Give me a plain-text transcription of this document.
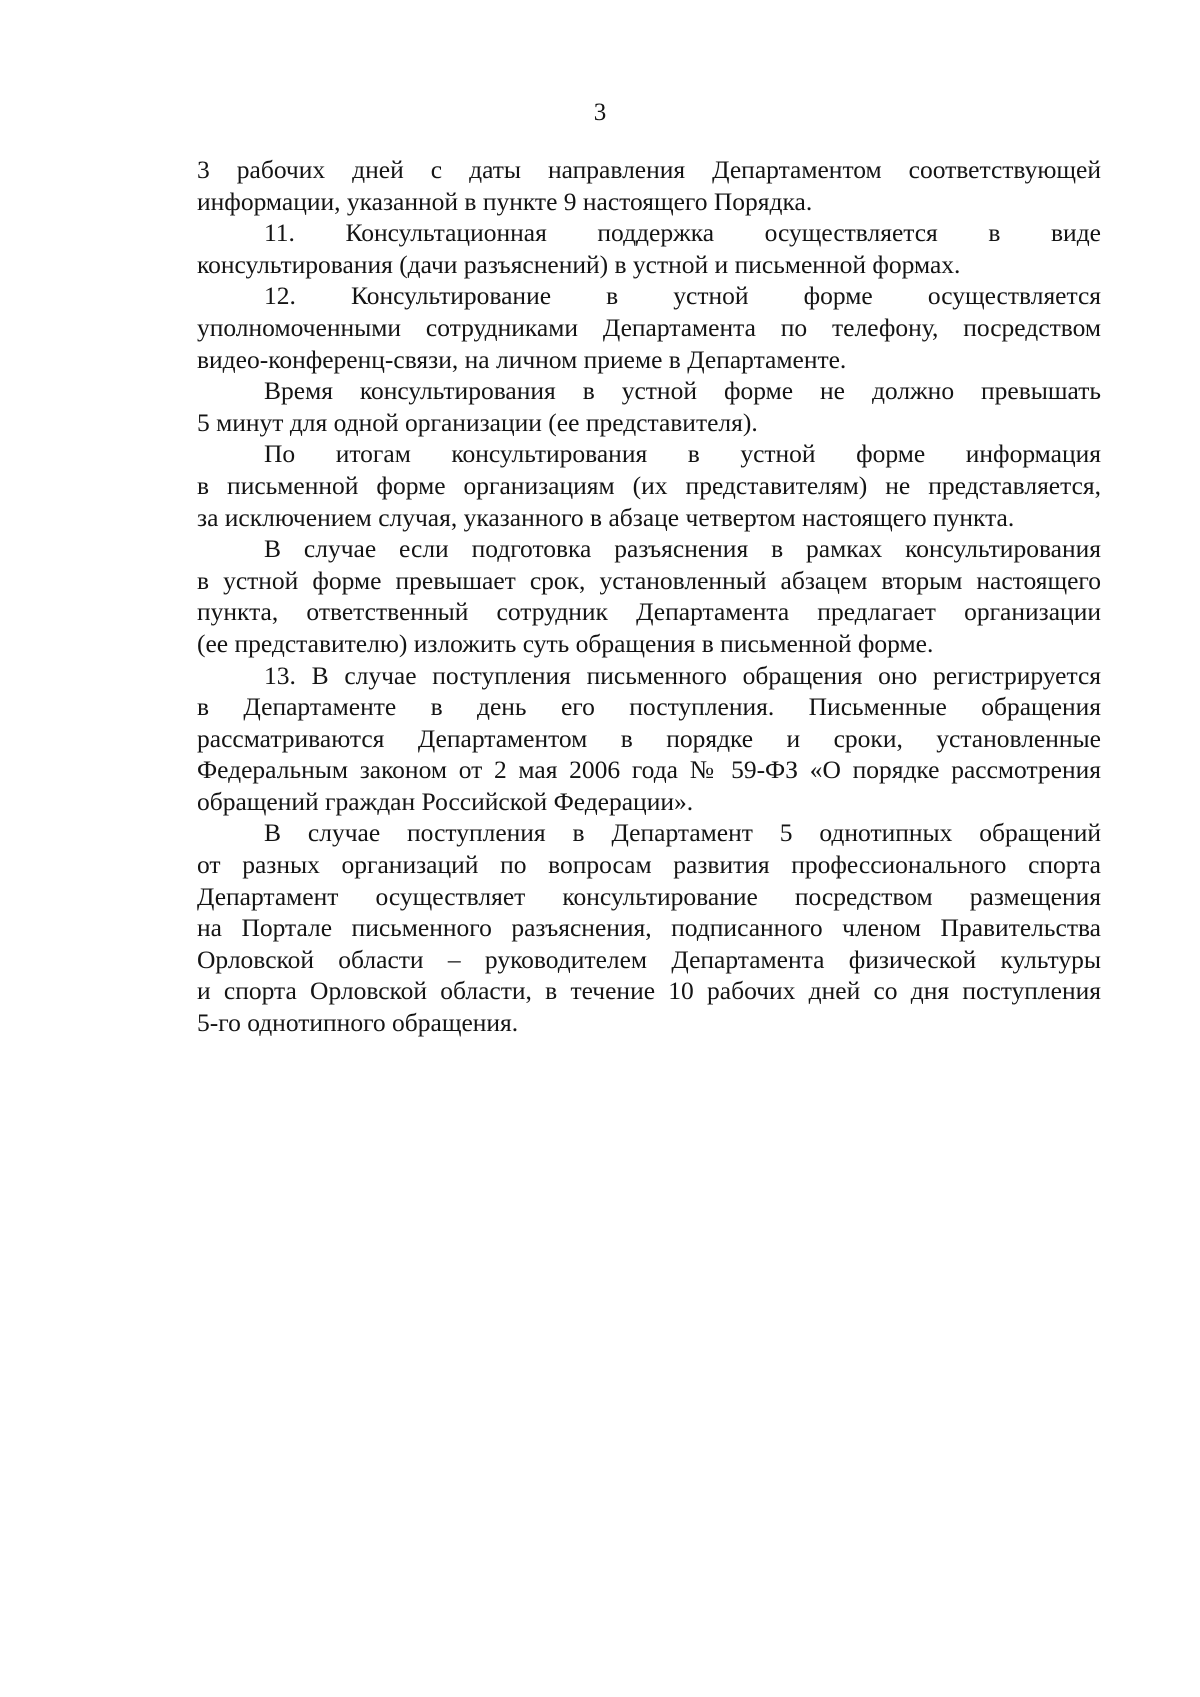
3
3 рабочих дней с даты направления Департаментом соответствующей
информации, указанной в пункте 9 настоящего Порядка.
11. Консультационная поддержка осуществляется в виде
консультирования (дачи разъяснений) в устной и письменной формах.
12. Консультирование в устной форме осуществляется
уполномоченными сотрудниками Департамента по телефону, посредством
видео-конференц-связи, на личном приеме в Департаменте.
Время консультирования в устной форме не должно превышать
5 минут для одной организации (ее представителя).
По итогам консультирования в устной форме информация
в письменной форме организациям (их представителям) не представляется,
за исключением случая, указанного в абзаце четвертом настоящего пункта.
В случае если подготовка разъяснения в рамках консультирования
в устной форме превышает срок, установленный абзацем вторым настоящего
пункта, ответственный сотрудник Департамента предлагает организации
(ее представителю) изложить суть обращения в письменной форме.
13. В случае поступления письменного обращения оно регистрируется
в Департаменте в день его поступления. Письменные обращения
рассматриваются Департаментом в порядке и сроки, установленные
Федеральным законом от 2 мая 2006 года № 59-ФЗ «О порядке рассмотрения
обращений граждан Российской Федерации».
В случае поступления в Департамент 5 однотипных обращений
от разных организаций по вопросам развития профессионального спорта
Департамент осуществляет консультирование посредством размещения
на Портале письменного разъяснения, подписанного членом Правительства
Орловской области – руководителем Департамента физической культуры
и спорта Орловской области, в течение 10 рабочих дней со дня поступления
5-го однотипного обращения.
